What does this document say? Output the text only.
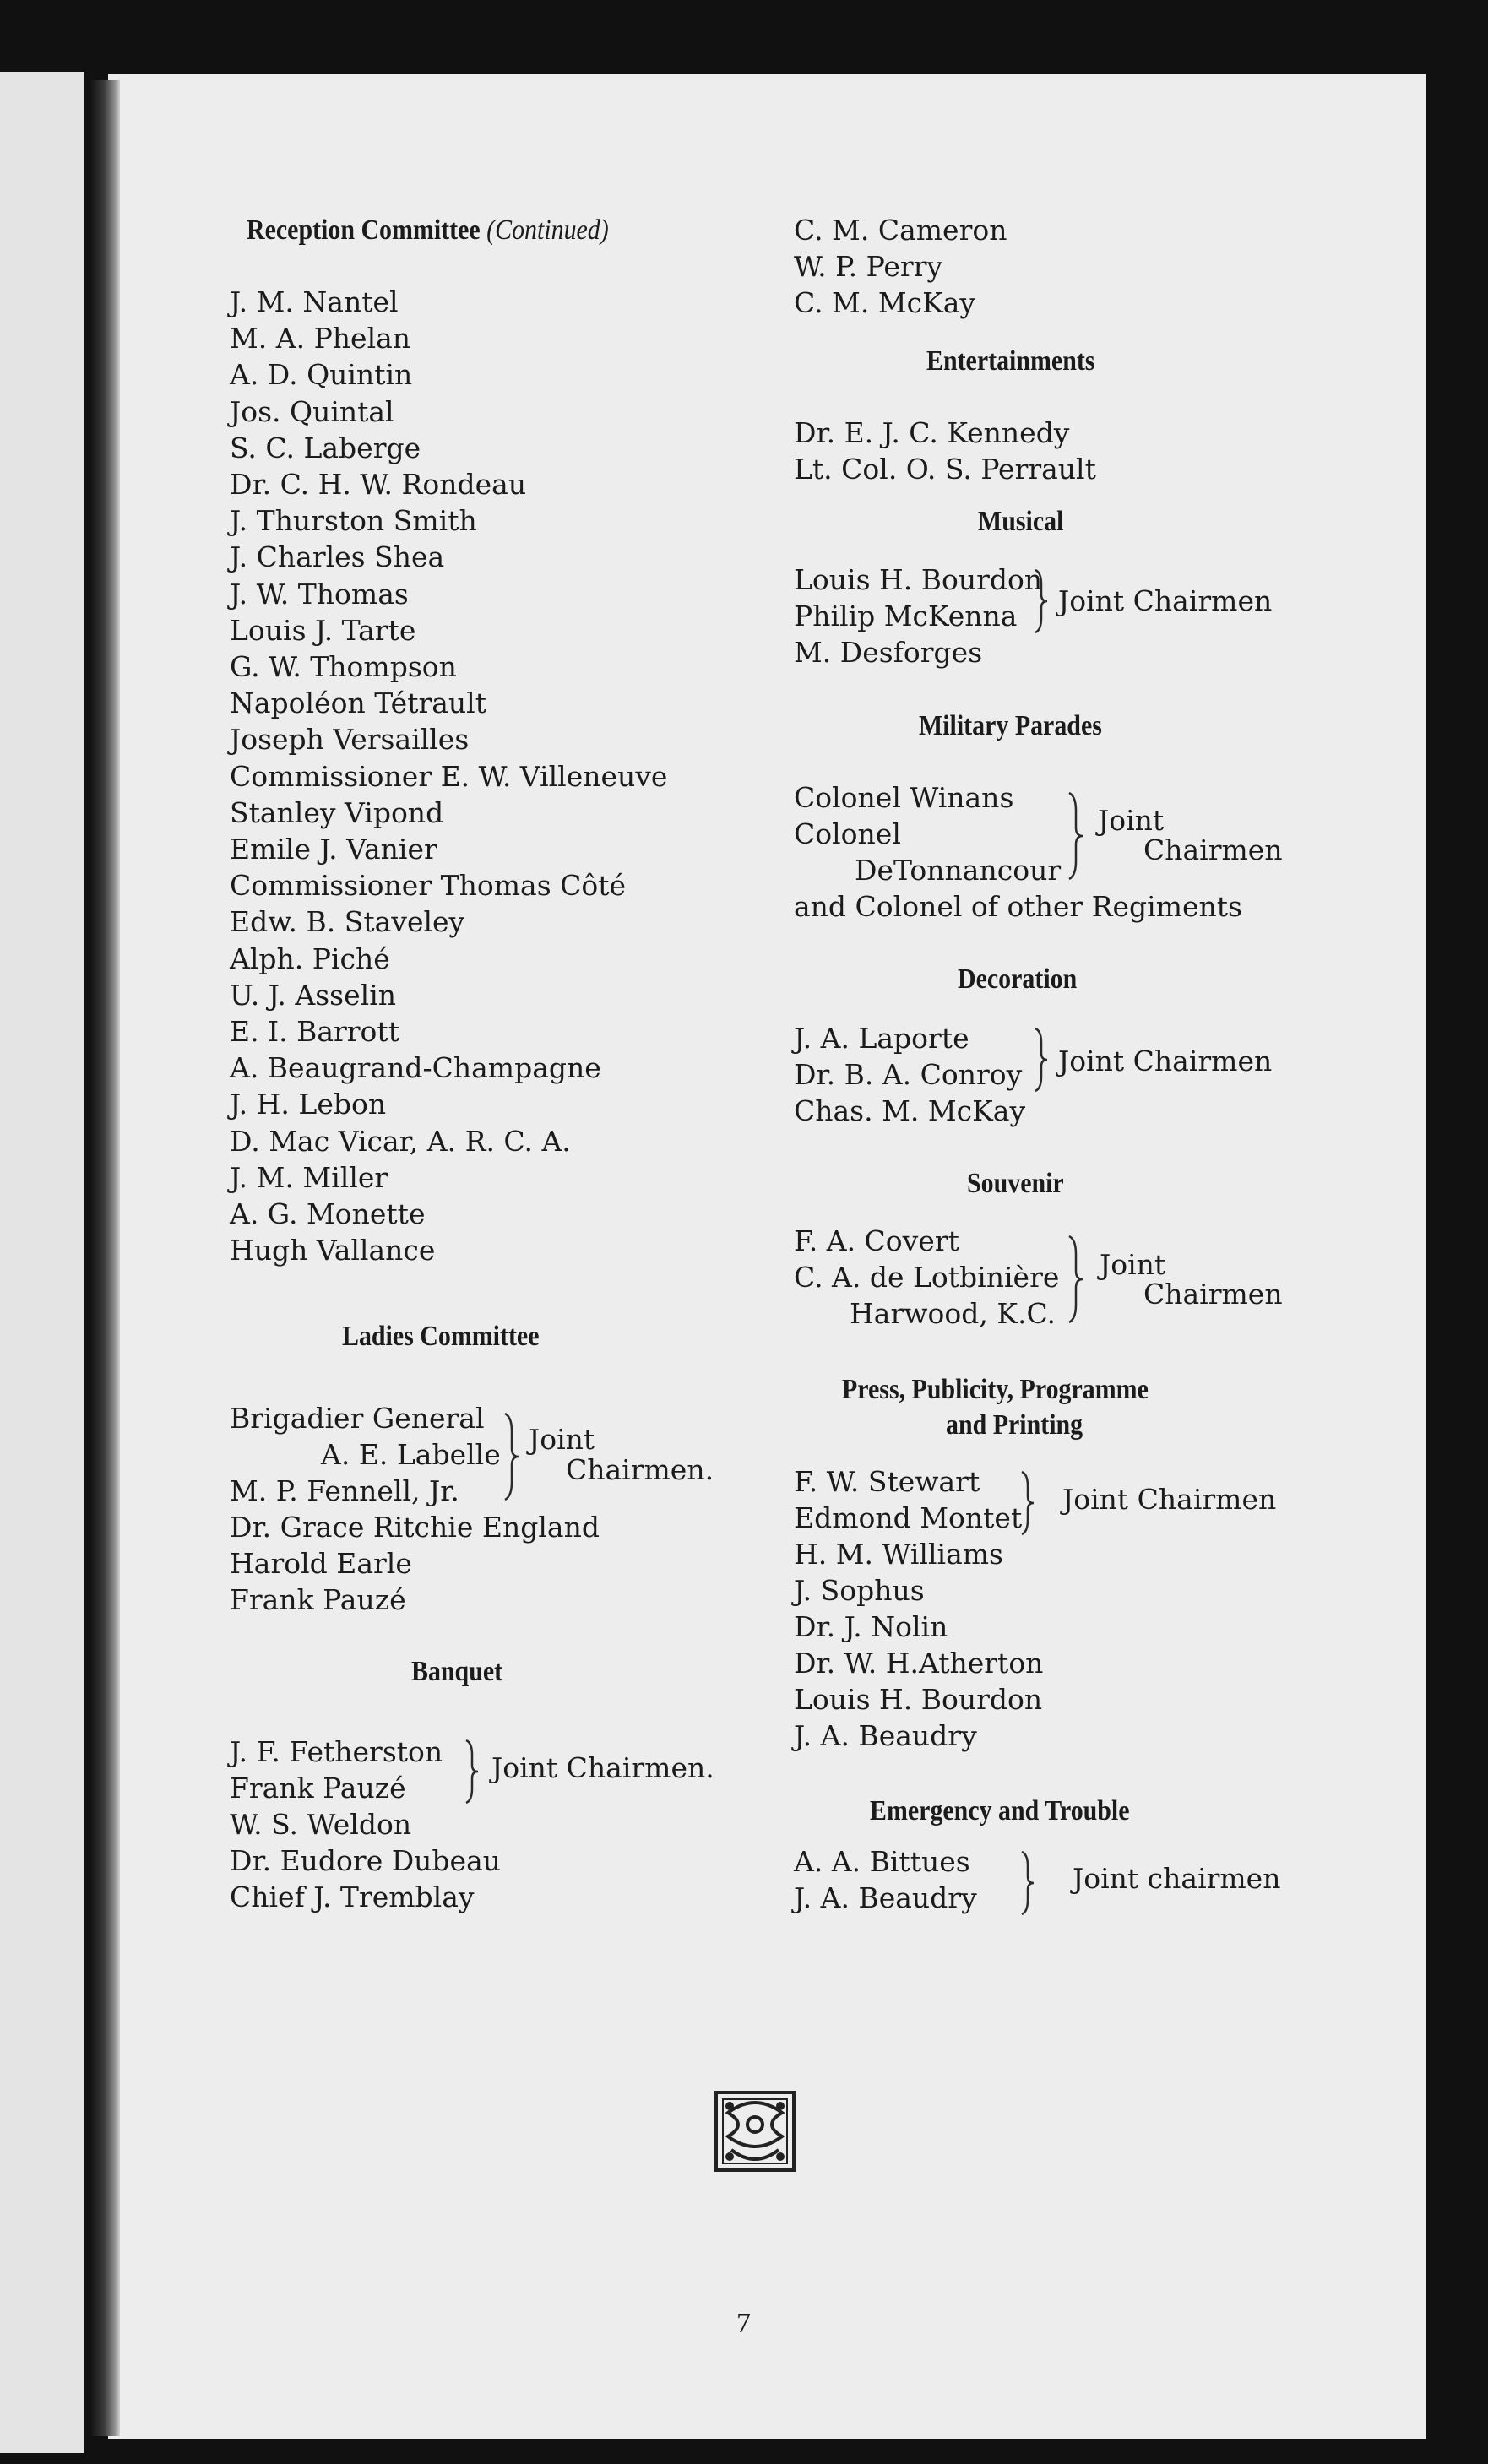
Reception Committee (Continued)
J. M. Nantel
M. A. Phelan
A. D. Quintin
Jos. Quintal
S. C. Laberge
Dr. C. H. W. Rondeau
J. Thurston Smith
J. Charles Shea
J. W. Thomas
Louis J. Tarte
G. W. Thompson
Napoléon Tétrault
Joseph Versailles
Commissioner E. W. Villeneuve
Stanley Vipond
Emile J. Vanier
Commissioner Thomas Côté
Edw. B. Staveley
Alph. Piché
U. J. Asselin
E. I. Barrott
A. Beaugrand-Champagne
J. H. Lebon
D. Mac Vicar, A. R. C. A.
J. M. Miller
A. G. Monette
Hugh Vallance
Ladies Committee
Brigadier General
A. E. Labelle
M. P. Fennell, Jr.
Joint
Chairmen.
Dr. Grace Ritchie England
Harold Earle
Frank Pauzé
Banquet
J. F. Fetherston
Frank Pauzé
Joint Chairmen.
W. S. Weldon
Dr. Eudore Dubeau
Chief J. Tremblay
C. M. Cameron
W. P. Perry
C. M. McKay
Entertainments
Dr. E. J. C. Kennedy
Lt. Col. O. S. Perrault
Musical
Louis H. Bourdon
Philip McKenna Joint Chairmen
M. Desforges
Military Parades
Colonel Winans
Colonel
DeTonnancour
Joint
Chairmen
and Colonel of other Regiments
Decoration
J. A. Laporte
Dr. B. A. Conroy Joint Chairmen
Chas. M. McKay
Souvenir
F. A. Covert
C. A. de Lotbinière
Harwood, K.C.
Joint
Chairmen
Press, Publicity, Programme
and Printing
F. W. Stewart
Edmond Montet
Joint Chairmen
H. M. Williams
J. Sophus
Dr. J. Nolin
Dr. W. H.Atherton
Louis H. Bourdon
J. A. Beaudry
Emergency and Trouble
A. A. Bittues
J. A. Beaudry
Joint chairmen
7
